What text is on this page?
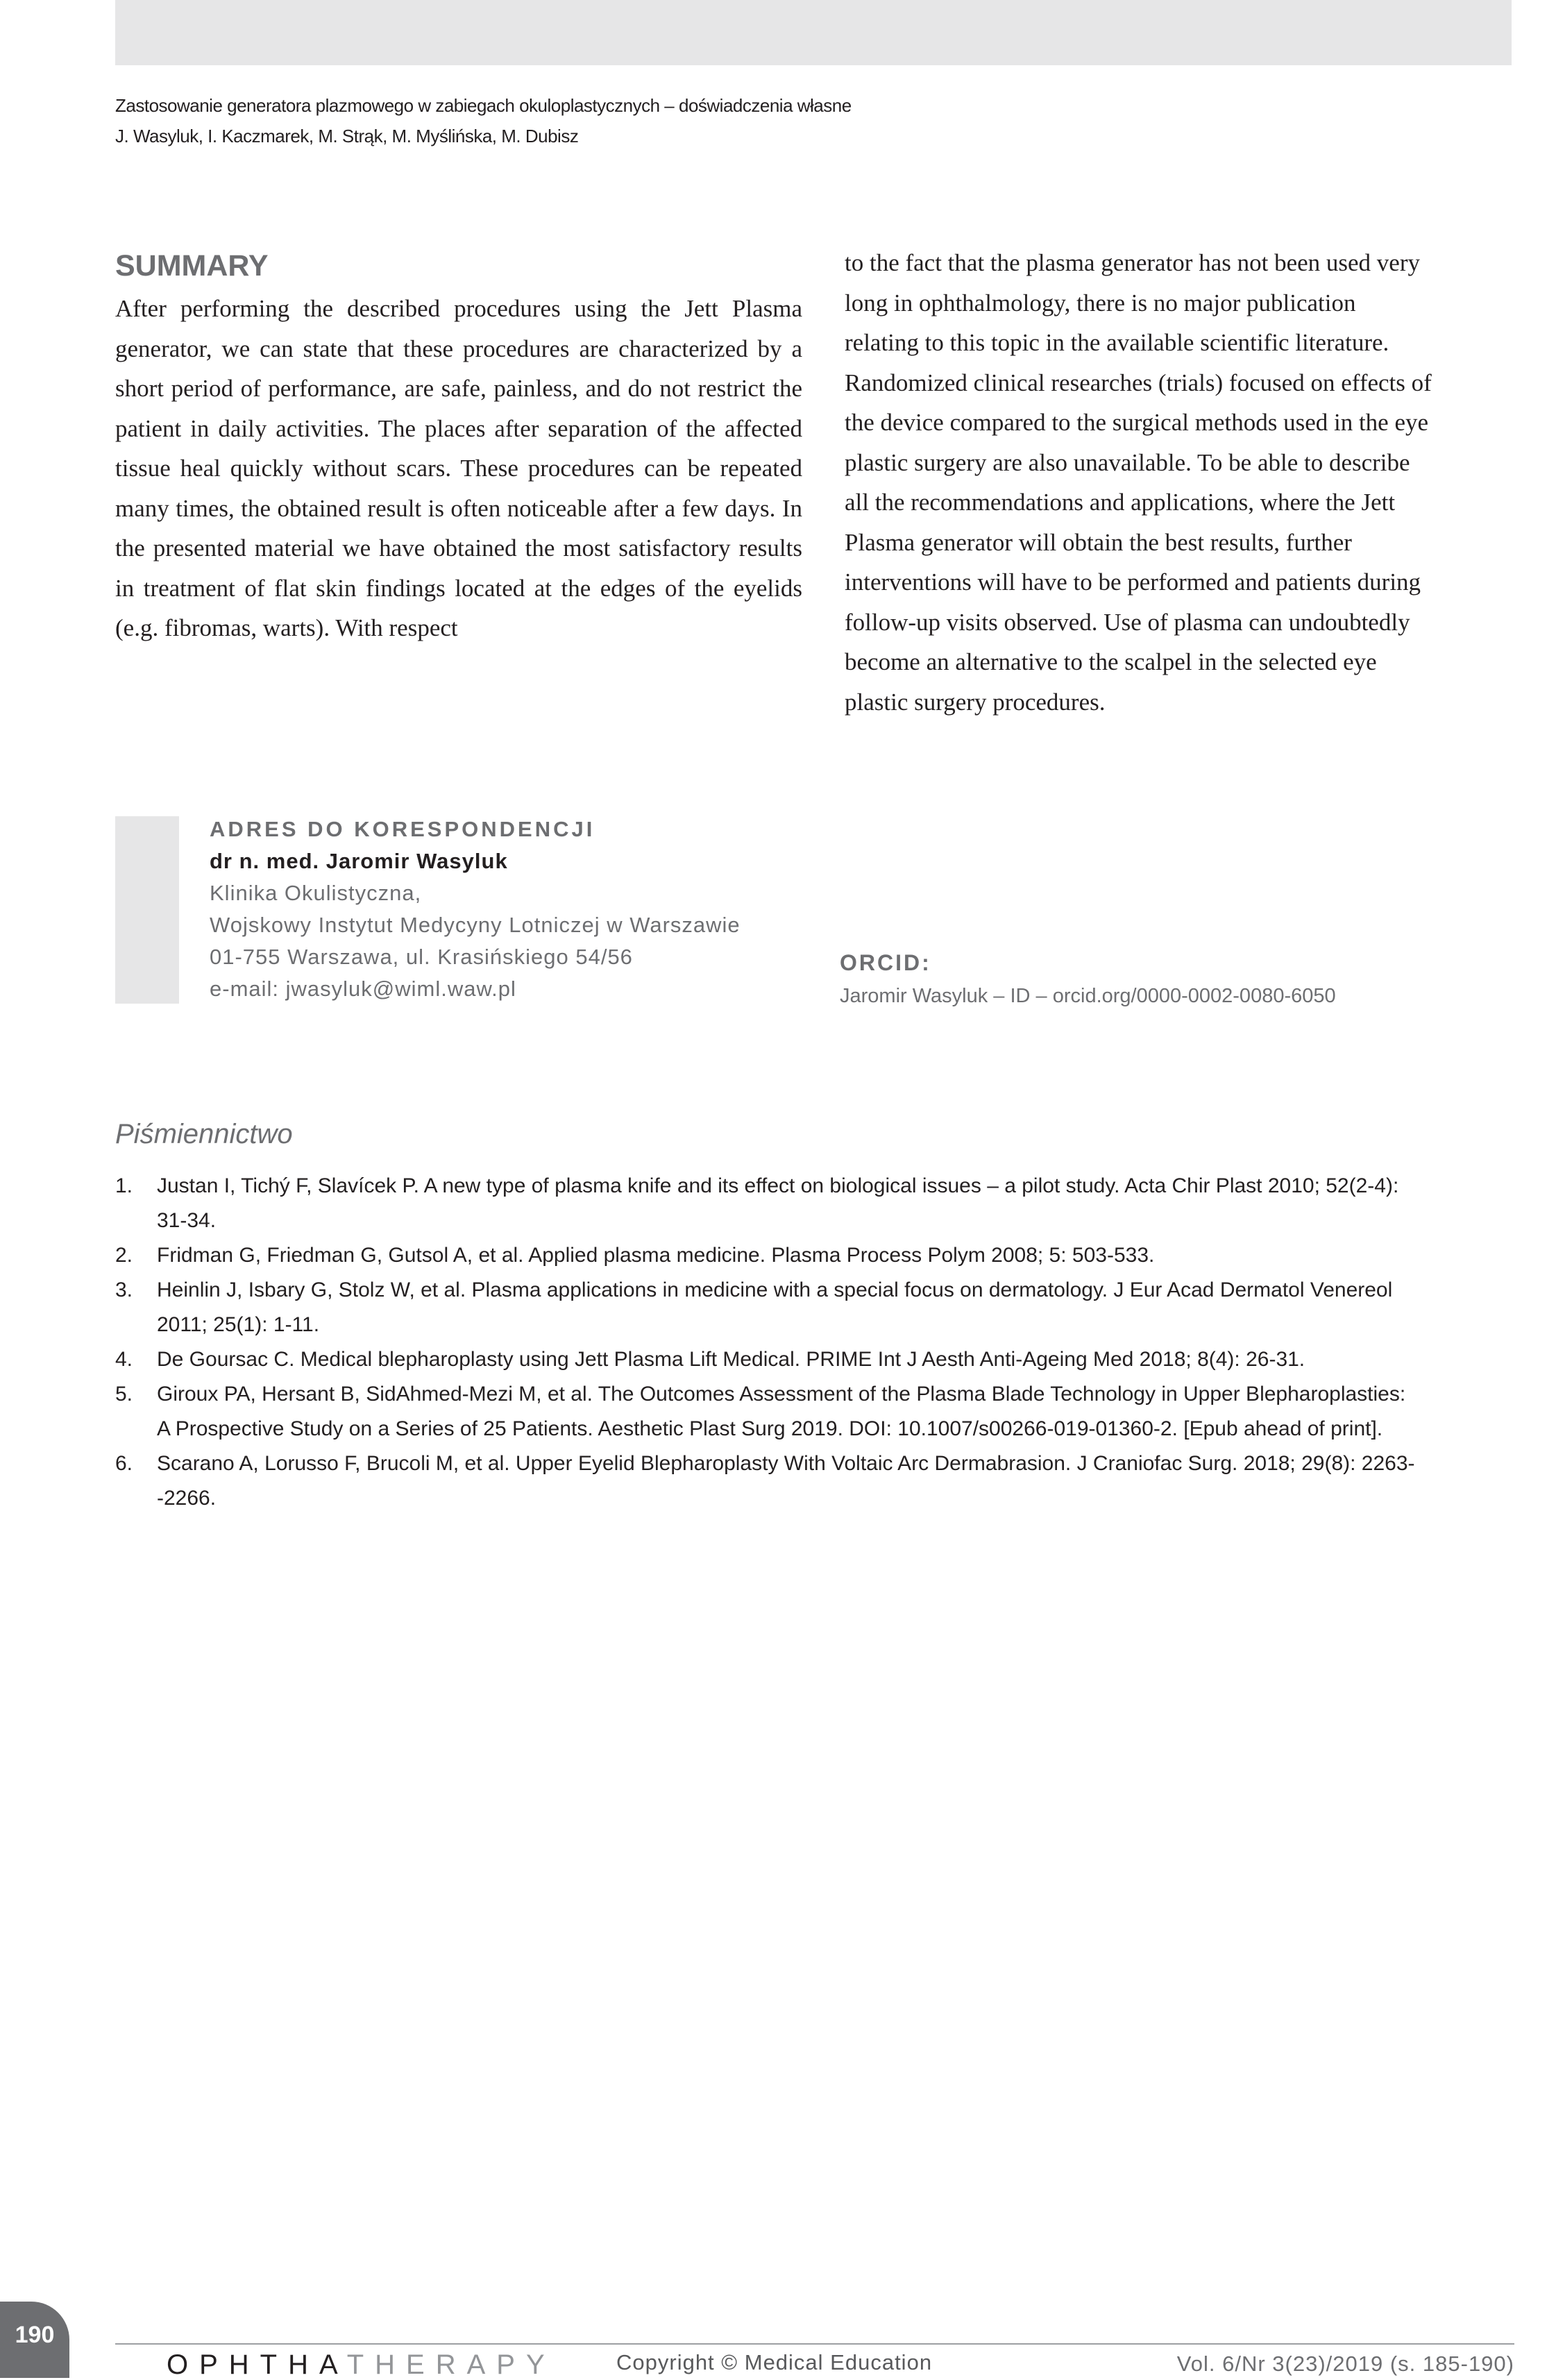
Zastosowanie generatora plazmowego w zabiegach okuloplastycznych – doświadczenia własne
J. Wasyluk, I. Kaczmarek, M. Strąk, M. Myślińska, M. Dubisz
SUMMARY

After performing the described procedures using the Jett Plasma generator, we can state that these procedures are characterized by a short period of performance, are safe, painless, and do not restrict the patient in daily activities. The places after separation of the affected tissue heal quickly without scars. These procedures can be repeated many times, the obtained result is often noticeable after a few days. In the presented material we have obtained the most satisfactory results in treatment of flat skin findings located at the edges of the eyelids (e.g. fibromas, warts). With respect

to the fact that the plasma generator has not been used very
long in ophthalmology, there is no major publication
relating to this topic in the available scientific literature.
Randomized clinical researches (trials) focused on effects of
the device compared to the surgical methods used in the eye
plastic surgery are also unavailable. To be able to describe
all the recommendations and applications, where the Jett
Plasma generator will obtain the best results, further
interventions will have to be performed and patients during
follow-up visits observed. Use of plasma can undoubtedly
become an alternative to the scalpel in the selected eye
plastic surgery procedures.
ADRES DO KORESPONDENCJI
dr n. med. Jaromir Wasyluk
Klinika Okulistyczna,
Wojskowy Instytut Medycyny Lotniczej w Warszawie
01-755 Warszawa, ul. Krasińskiego 54/56
e-mail: jwasyluk@wiml.waw.pl
ORCID:
Jaromir Wasyluk – ID – orcid.org/0000-0002-0080-6050
Piśmiennictwo
1. Justan I, Tichý F, Slavícek P. A new type of plasma knife and its effect on biological issues – a pilot study. Acta Chir Plast 2010; 52(2-4):
31-34.
2. Fridman G, Friedman G, Gutsol A, et al. Applied plasma medicine. Plasma Process Polym 2008; 5: 503-533.
3. Heinlin J, Isbary G, Stolz W, et al. Plasma applications in medicine with a special focus on dermatology. J Eur Acad Dermatol Venereol
2011; 25(1): 1-11.
4. De Goursac C. Medical blepharoplasty using Jett Plasma Lift Medical. PRIME Int J Aesth Anti-Ageing Med 2018; 8(4): 26-31.
5. Giroux PA, Hersant B, SidAhmed-Mezi M, et al. The Outcomes Assessment of the Plasma Blade Technology in Upper Blepharoplasties:
A Prospective Study on a Series of 25 Patients. Aesthetic Plast Surg 2019. DOI: 10.1007/s00266-019-01360-2. [Epub ahead of print].
6. Scarano A, Lorusso F, Brucoli M, et al. Upper Eyelid Blepharoplasty With Voltaic Arc Dermabrasion. J Craniofac Surg. 2018; 29(8): 2263-
-2266.
190
OPHTHATHERAPY	Copyright © Medical Education	Vol. 6/Nr 3(23)/2019 (s. 185-190)
